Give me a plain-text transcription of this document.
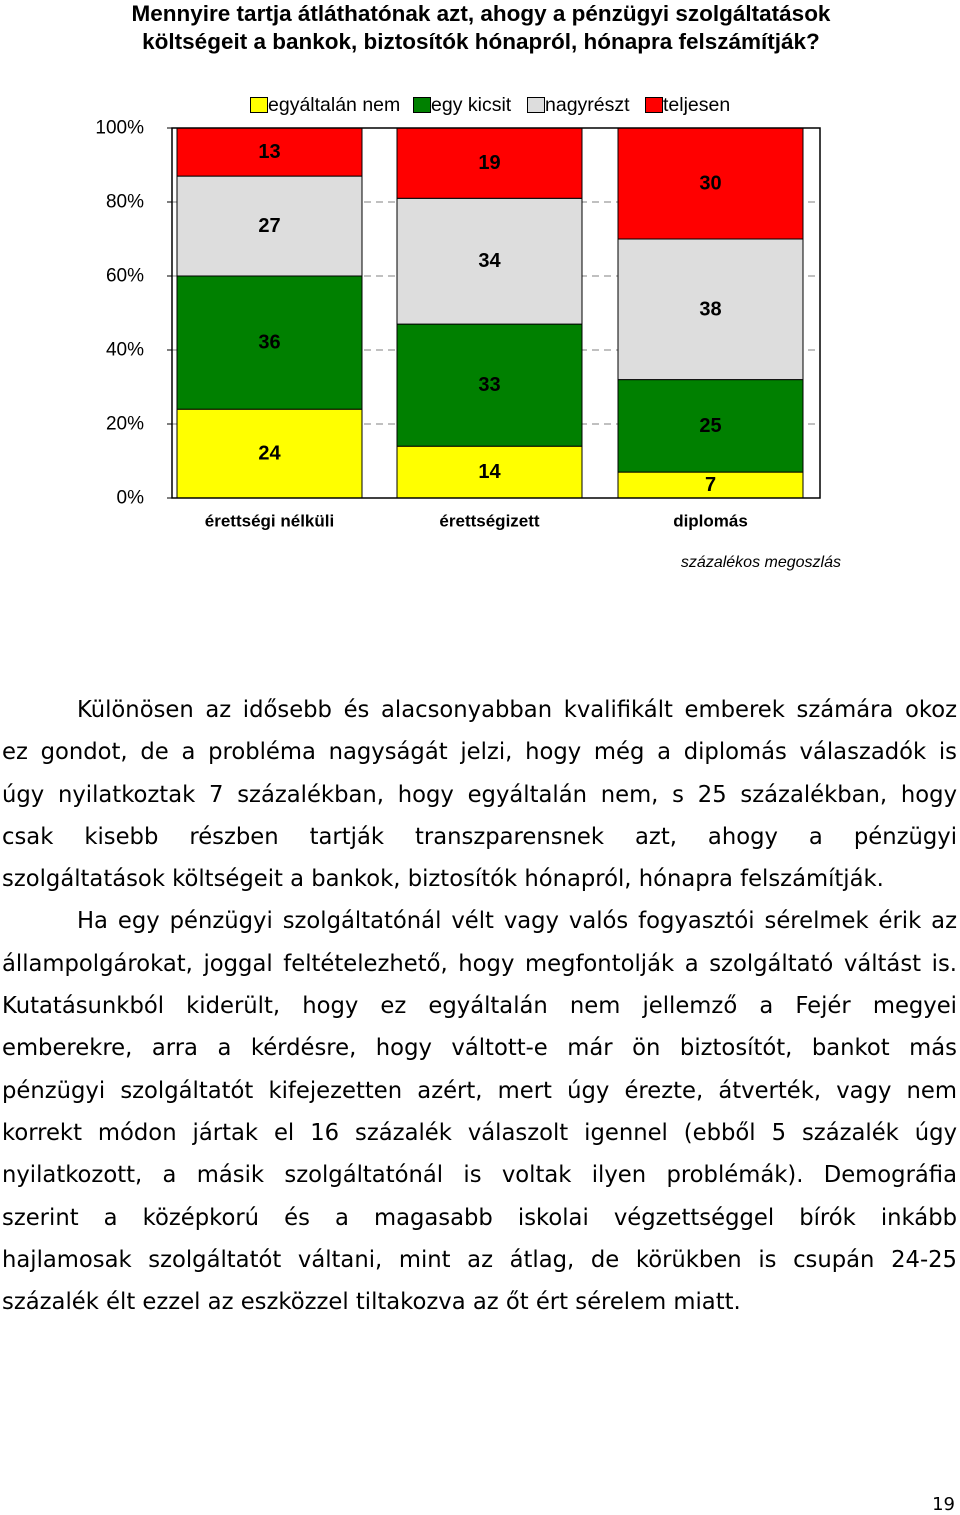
Mennyire tartja átláthatónak azt, ahogy a pénzügyi szolgáltatások költségeit a bankok, biztosítók hónapról, hónapra felszámítják?
egyáltalán nem egy kicsit nagyrészt teljesen
0%
20%
40%
60%
80%
100%
24
36
27
13
érettségi nélküli
14
33
34
19
érettségizett
7
25
38
30
diplomás
százalékos megoszlás
Különösen az idősebb és alacsonyabban kvalifikált emberek számára okoz
ez gondot, de a probléma nagyságát jelzi, hogy még a diplomás válaszadók is
úgy nyilatkoztak 7 százalékban, hogy egyáltalán nem, s 25 százalékban, hogy
csak kisebb részben tartják transzparensnek azt, ahogy a pénzügyi
szolgáltatások költségeit a bankok, biztosítók hónapról, hónapra felszámítják.
Ha egy pénzügyi szolgáltatónál vélt vagy valós fogyasztói sérelmek érik az
állampolgárokat, joggal feltételezhető, hogy megfontolják a szolgáltató váltást is.
Kutatásunkból kiderült, hogy ez egyáltalán nem jellemző a Fejér megyei
emberekre, arra a kérdésre, hogy váltott-e már ön biztosítót, bankot más
pénzügyi szolgáltatót kifejezetten azért, mert úgy érezte, átverték, vagy nem
korrekt módon jártak el 16 százalék válaszolt igennel (ebből 5 százalék úgy
nyilatkozott, a másik szolgáltatónál is voltak ilyen problémák). Demográfia
szerint a középkorú és a magasabb iskolai végzettséggel bírók inkább
hajlamosak szolgáltatót váltani, mint az átlag, de körükben is csupán 24-25
százalék élt ezzel az eszközzel tiltakozva az őt ért sérelem miatt.
19
